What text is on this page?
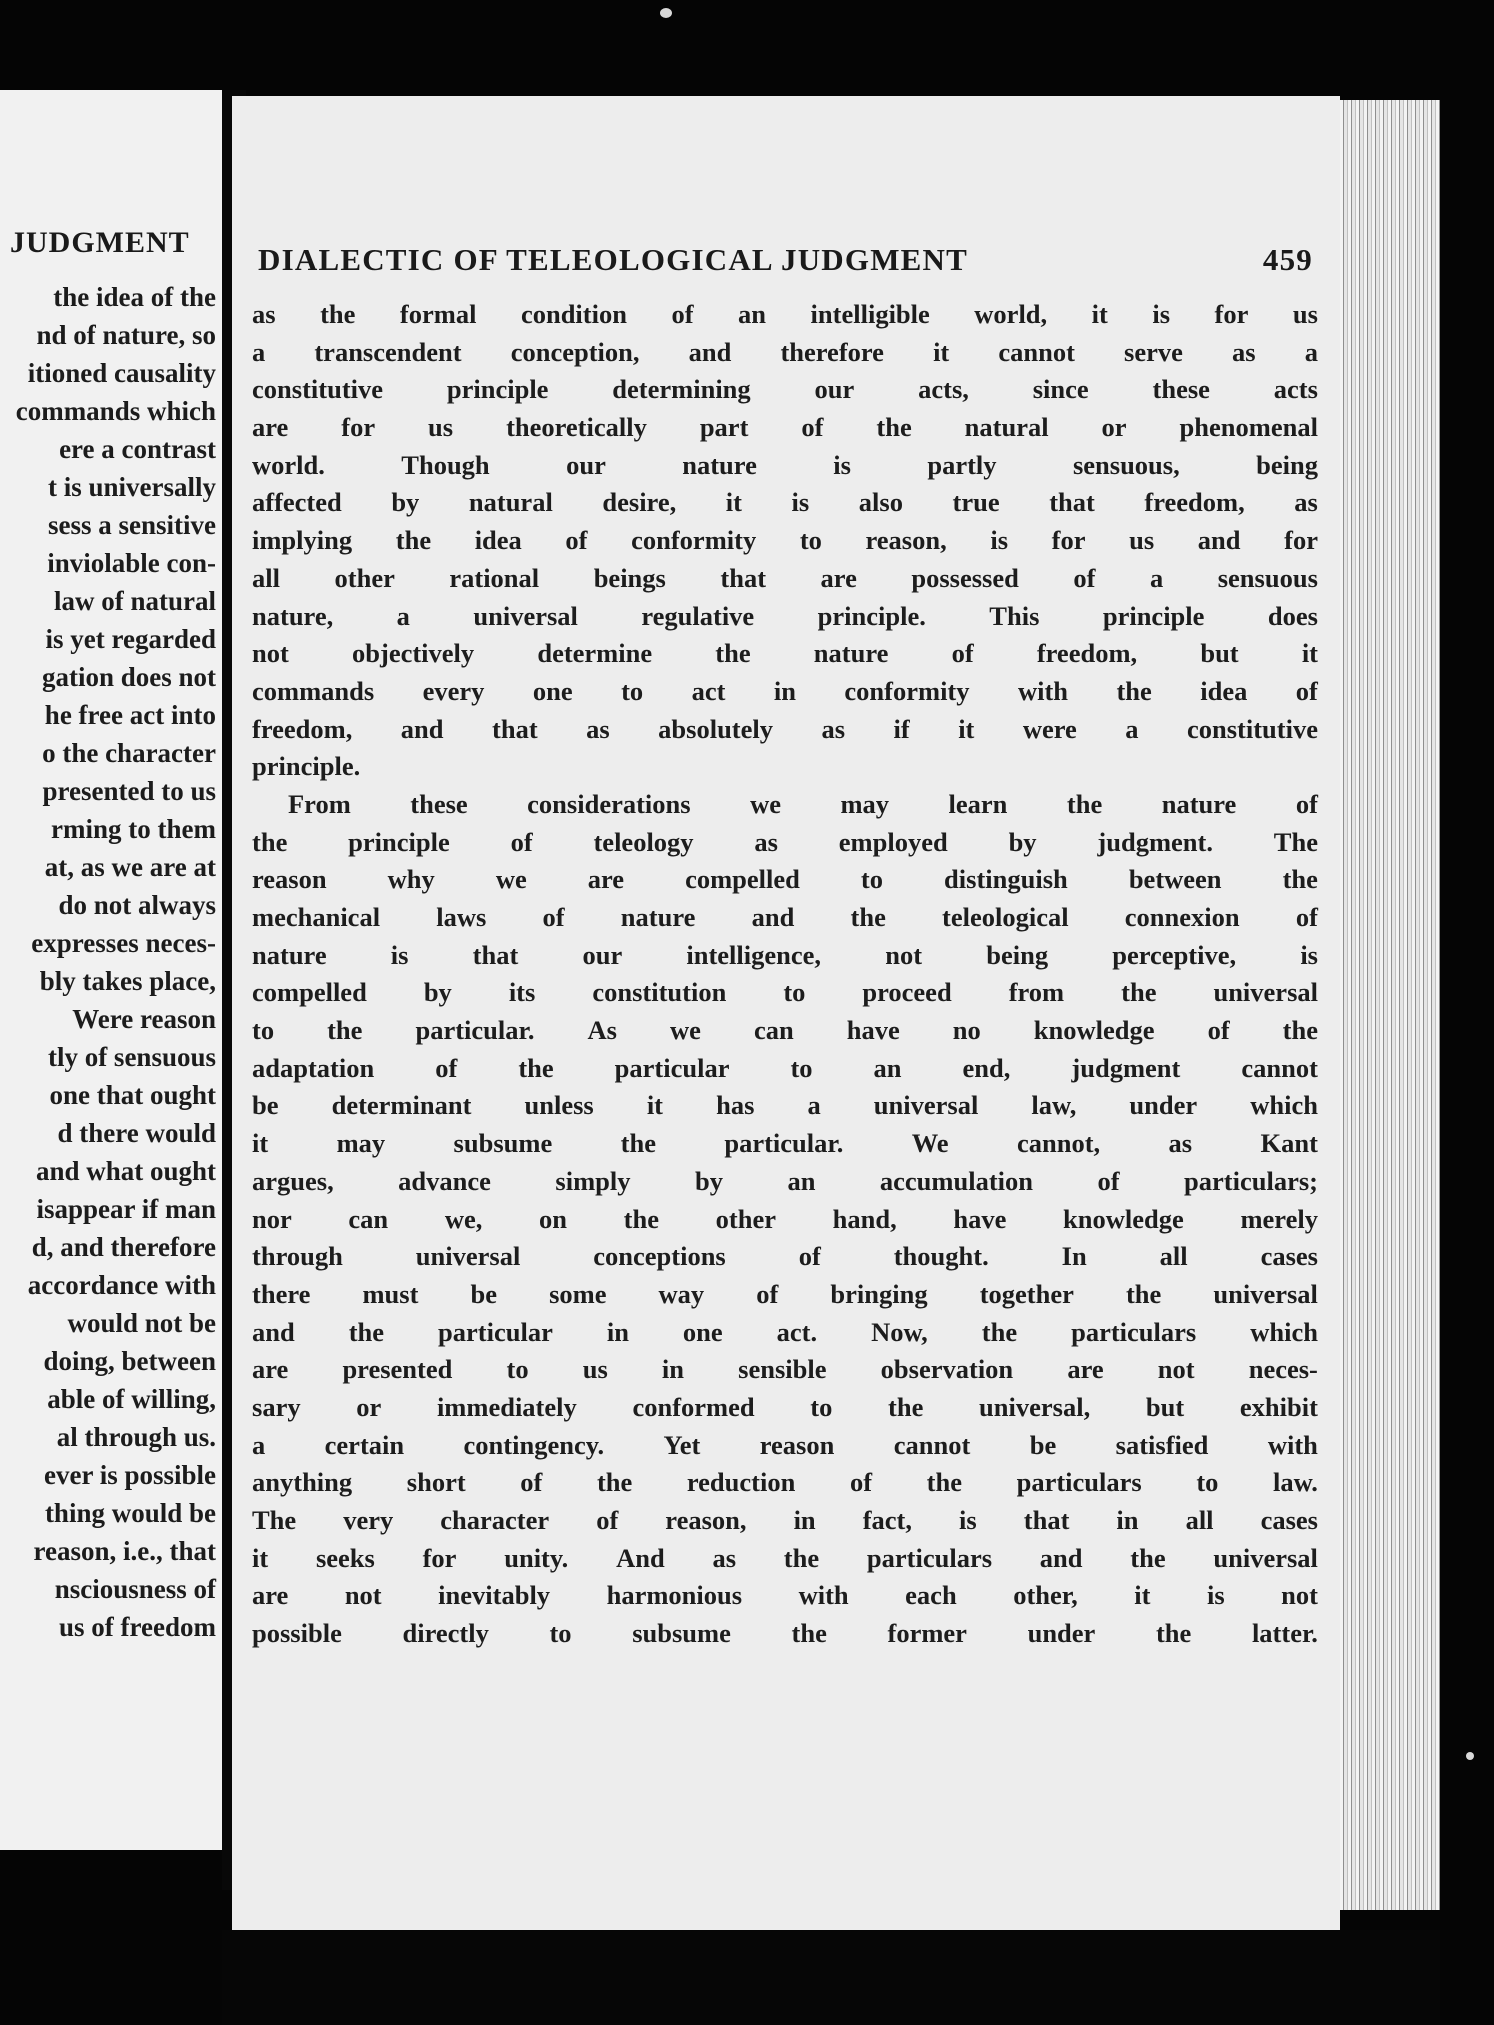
JUDGMENT
the idea of the
nd of nature, so
itioned causality
commands which
ere a contrast
t is universally
sess a sensitive
inviolable con-
law of natural
is yet regarded
gation does not
he free act into
o the character
presented to us
rming to them
at, as we are at
do not always
expresses neces-
bly takes place,
Were reason
tly of sensuous
one that ought
d there would
and what ought
isappear if man
d, and therefore
accordance with
would not be
doing, between
able of willing,
al through us.
ever is possible
thing would be
reason, i.e., that
nsciousness of
us of freedom
DIALECTIC OF TELEOLOGICAL JUDGMENT	459
as the formal condition of an intelligible world, it is for us
a transcendent conception, and therefore it cannot serve as a
constitutive principle determining our acts, since these acts
are for us theoretically part of the natural or phenomenal
world.	Though	our	nature	is	partly	sensuous,	being
affected by natural desire, it is also true that freedom, as
implying the idea of conformity to reason, is for us and for
all other rational beings that are possessed of a sensuous
nature, a universal regulative principle. This principle does
not objectively determine the nature of freedom, but it
commands every one to act in conformity with the idea of
freedom, and that as absolutely as if it were a constitutive
principle.
From these considerations we may learn the nature of
the principle of teleology as employed by judgment. The
reason why we are compelled to distinguish between the
mechanical laws of nature and the teleological connexion of
nature is that our intelligence, not being perceptive, is
compelled by its constitution to proceed from the universal
to the particular. As we can have no knowledge of the
adaptation of the particular to an end, judgment cannot
be determinant unless it has a universal law, under which
it	may	subsume	the	particular.	We	cannot,	as	Kant
argues, advance simply by an accumulation of particulars;
nor can we, on the other hand, have knowledge merely
through	universal	conceptions	of	thought.	In	all	cases
there must be some way of bringing together the universal
and the particular in one act. Now, the particulars which
are presented to us in sensible observation are not neces-
sary or immediately conformed to the universal, but exhibit
a certain contingency. Yet reason cannot be satisfied with
anything short of the reduction of the particulars to law.
The very character of reason, in fact, is that in all cases
it seeks for unity. And as the particulars and the universal
are not inevitably harmonious with each other, it is not
possible directly to subsume the former under the latter.
